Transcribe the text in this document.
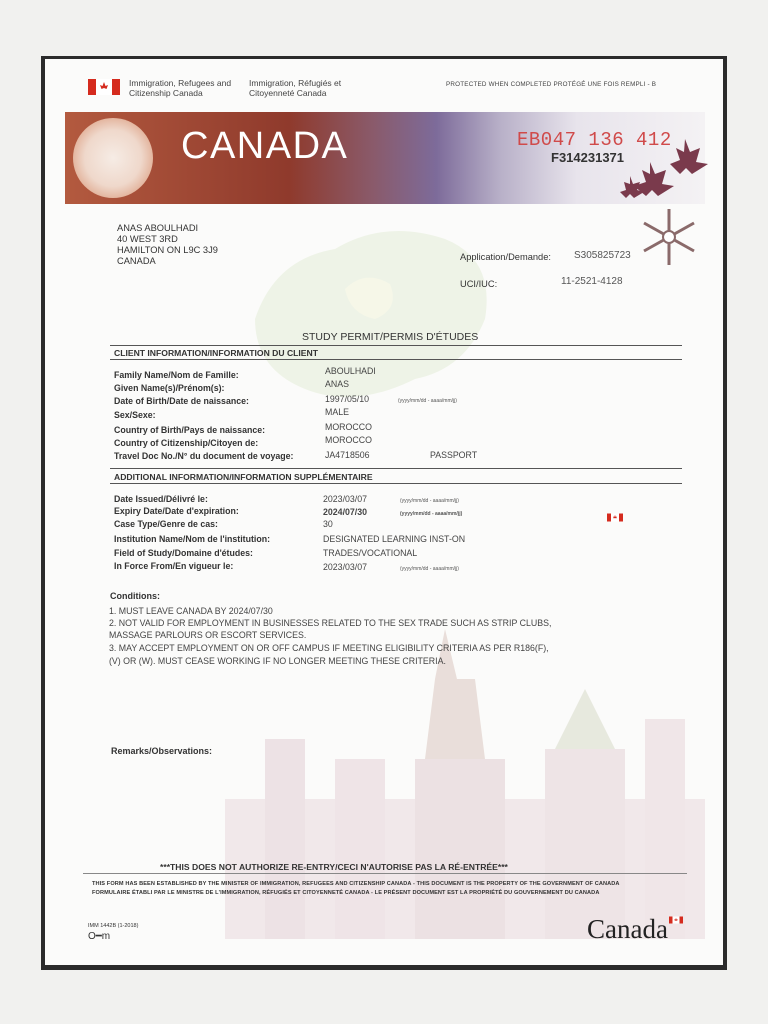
Immigration, Refugees and
Citizenship Canada
Immigration, Réfugiés et
Citoyenneté Canada
PROTECTED WHEN COMPLETED PROTÉGÉ UNE FOIS REMPLI - B
CANADA	EB047 136 412
F314231371
ANAS ABOULHADI
40 WEST 3RD
HAMILTON ON L9C 3J9
CANADA	Application/Demande: S305825723
UCI/IUC:	11-2521-4128
STUDY PERMIT/PERMIS D'ÉTUDES
CLIENT INFORMATION/INFORMATION DU CLIENT
Family Name/Nom de Famille:	ABOULHADI
Given Name(s)/Prénom(s):	ANAS
Date of Birth/Date de naissance:	1997/05/10	(yyyy/mm/dd - aaaa/mm/jj)
Sex/Sexe:	MALE
Country of Birth/Pays de naissance:	MOROCCO
Country of Citizenship/Citoyen de:	MOROCCO
Travel Doc No./N° du document de voyage:	JA4718506	PASSPORT
ADDITIONAL INFORMATION/INFORMATION SUPPLÉMENTAIRE
Date Issued/Délivré le:	2023/03/07	(yyyy/mm/dd - aaaa/mm/jj)
Expiry Date/Date d'expiration:	2024/07/30	(yyyy/mm/dd - aaaa/mm/jj)
Case Type/Genre de cas:	30
Institution Name/Nom de l'institution:	DESIGNATED LEARNING INST-ON
Field of Study/Domaine d'études:	TRADES/VOCATIONAL
In Force From/En vigueur le:	2023/03/07	(yyyy/mm/dd - aaaa/mm/jj)
Conditions:
1. MUST LEAVE CANADA BY 2024/07/30
2. NOT VALID FOR EMPLOYMENT IN BUSINESSES RELATED TO THE SEX TRADE SUCH AS STRIP CLUBS,
MASSAGE PARLOURS OR ESCORT SERVICES.
3. MAY ACCEPT EMPLOYMENT ON OR OFF CAMPUS IF MEETING ELIGIBILITY CRITERIA AS PER R186(F),
(V) OR (W). MUST CEASE WORKING IF NO LONGER MEETING THESE CRITERIA.
Remarks/Observations:
***THIS DOES NOT AUTHORIZE RE-ENTRY/CECI N'AUTORISE PAS LA RÉ-ENTRÉE***
THIS FORM HAS BEEN ESTABLISHED BY THE MINISTER OF IMMIGRATION, REFUGEES AND CITIZENSHIP CANADA - THIS DOCUMENT IS THE PROPERTY OF THE GOVERNMENT OF CANADA
FORMULAIRE ÉTABLI PAR LE MINISTRE DE L'IMMIGRATION, RÉFUGIÉS ET CITOYENNETÉ CANADA - LE PRÉSENT DOCUMENT EST LA PROPRIÉTÉ DU GOUVERNEMENT DU CANADA
IMM 1442B (1-2018)
O━m	Canada
